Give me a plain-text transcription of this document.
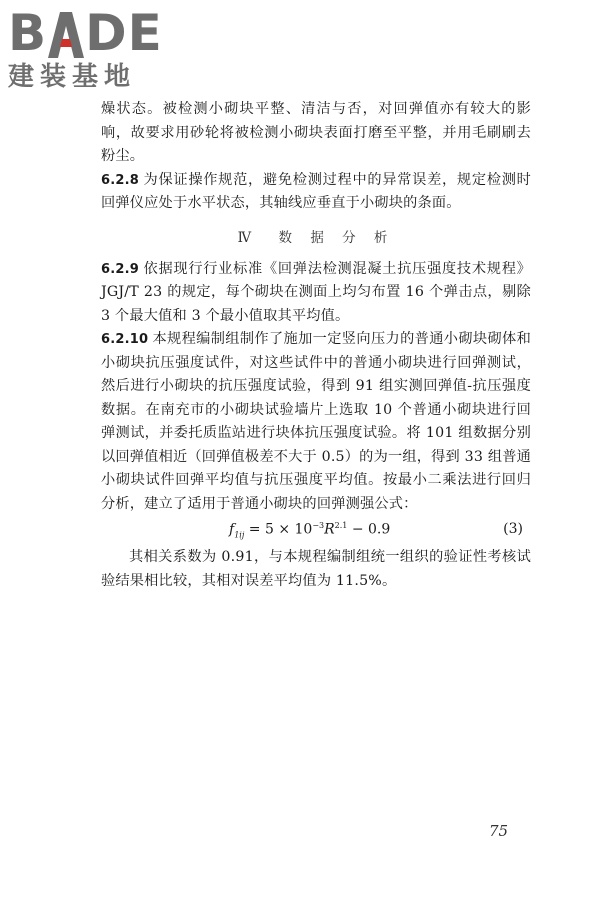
B DE
建装基地

燥状态。被检测小砌块平整、清洁与否，对回弹值亦有较大的影响，故要求用砂轮将被检测小砌块表面打磨至平整，并用毛刷刷去粉尘。

6.2.8 为保证操作规范，避免检测过程中的异常误差，规定检测时回弹仪应处于水平状态，其轴线应垂直于小砌块的条面。

Ⅳ　数 据 分 析

6.2.9 依据现行行业标准《回弹法检测混凝土抗压强度技术规程》JGJ/T 23 的规定，每个砌块在测面上均匀布置 16 个弹击点，剔除 3 个最大值和 3 个最小值取其平均值。

6.2.10 本规程编制组制作了施加一定竖向压力的普通小砌块砌体和小砌块抗压强度试件，对这些试件中的普通小砌块进行回弹测试，然后进行小砌块的抗压强度试验，得到 91 组实测回弹值-抗压强度数据。在南充市的小砌块试验墙片上选取 10 个普通小砌块进行回弹测试，并委托质监站进行块体抗压强度试验。将 101 组数据分别以回弹值相近（回弹值极差不大于 0.5）的为一组，得到 33 组普通小砌块试件回弹平均值与抗压强度平均值。按最小二乘法进行回归分析，建立了适用于普通小砌块的回弹测强公式：

$f_{1ij} = 5 \times 10^{-3}R^{2.1} - 0.9$	(3)

其相关系数为 0.91，与本规程编制组统一组织的验证性考核试验结果相比较，其相对误差平均值为 11.5%。

75
